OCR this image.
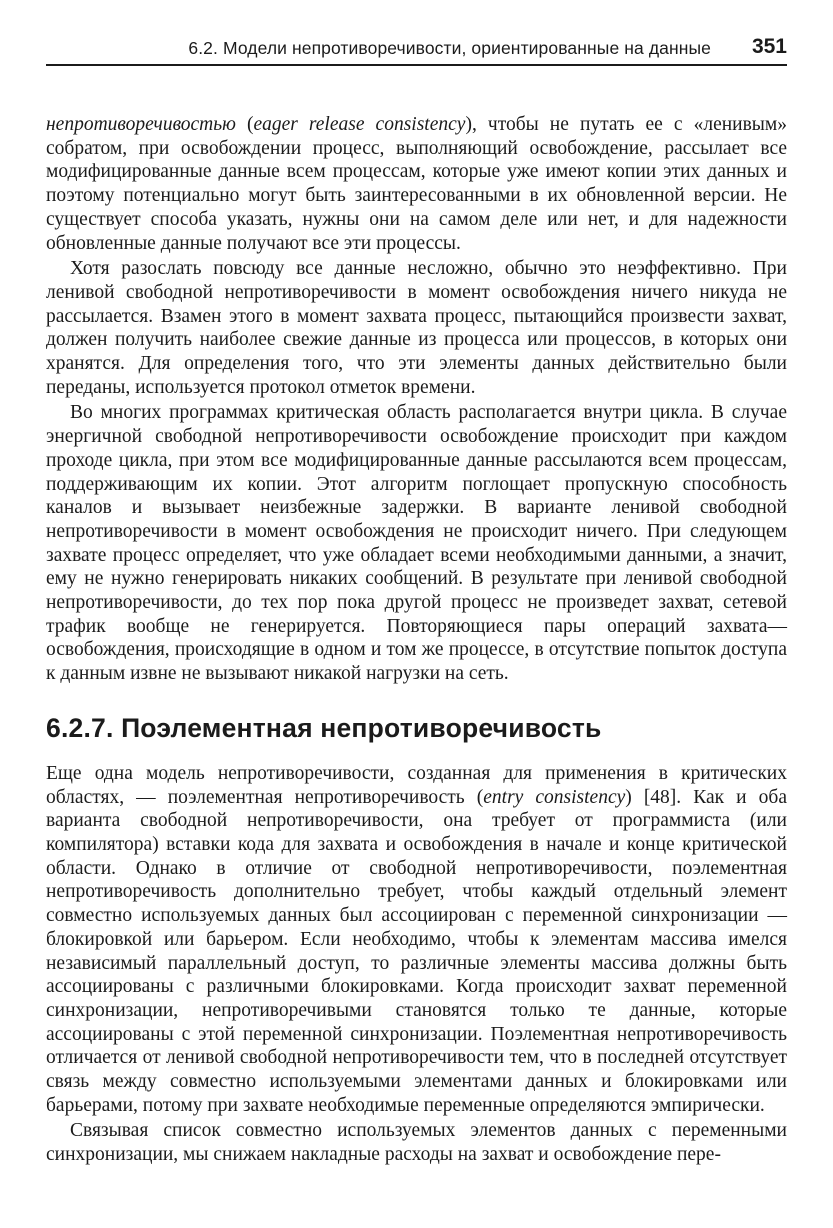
6.2. Модели непротиворечивости, ориентированные на данные 351

непротиворечивостью (eager release consistency), чтобы не путать ее с «ленивым» собратом, при освобождении процесс, выполняющий освобождение, рассылает все модифицированные данные всем процессам, которые уже имеют копии этих данных и поэтому потенциально могут быть заинтересованными в их обновленной версии. Не существует способа указать, нужны они на самом деле или нет, и для надежности обновленные данные получают все эти процессы.

Хотя разослать повсюду все данные несложно, обычно это неэффективно. При ленивой свободной непротиворечивости в момент освобождения ничего никуда не рассылается. Взамен этого в момент захвата процесс, пытающийся произвести захват, должен получить наиболее свежие данные из процесса или процессов, в которых они хранятся. Для определения того, что эти элементы данных действительно были переданы, используется протокол отметок времени.

Во многих программах критическая область располагается внутри цикла. В случае энергичной свободной непротиворечивости освобождение происходит при каждом проходе цикла, при этом все модифицированные данные рассылаются всем процессам, поддерживающим их копии. Этот алгоритм поглощает пропускную способность каналов и вызывает неизбежные задержки. В варианте ленивой свободной непротиворечивости в момент освобождения не происходит ничего. При следующем захвате процесс определяет, что уже обладает всеми необходимыми данными, а значит, ему не нужно генерировать никаких сообщений. В результате при ленивой свободной непротиворечивости, до тех пор пока другой процесс не произведет захват, сетевой трафик вообще не генерируется. Повторяющиеся пары операций захвата—освобождения, происходящие в одном и том же процессе, в отсутствие попыток доступа к данным извне не вызывают никакой нагрузки на сеть.

6.2.7. Поэлементная непротиворечивость

Еще одна модель непротиворечивости, созданная для применения в критических областях, — поэлементная непротиворечивость (entry consistency) [48]. Как и оба варианта свободной непротиворечивости, она требует от программиста (или компилятора) вставки кода для захвата и освобождения в начале и конце критической области. Однако в отличие от свободной непротиворечивости, поэлементная непротиворечивость дополнительно требует, чтобы каждый отдельный элемент совместно используемых данных был ассоциирован с переменной синхронизации — блокировкой или барьером. Если необходимо, чтобы к элементам массива имелся независимый параллельный доступ, то различные элементы массива должны быть ассоциированы с различными блокировками. Когда происходит захват переменной синхронизации, непротиворечивыми становятся только те данные, которые ассоциированы с этой переменной синхронизации. Поэлементная непротиворечивость отличается от ленивой свободной непротиворечивости тем, что в последней отсутствует связь между совместно используемыми элементами данных и блокировками или барьерами, потому при захвате необходимые переменные определяются эмпирически.

Связывая список совместно используемых элементов данных с переменными синхронизации, мы снижаем накладные расходы на захват и освобождение пере-
